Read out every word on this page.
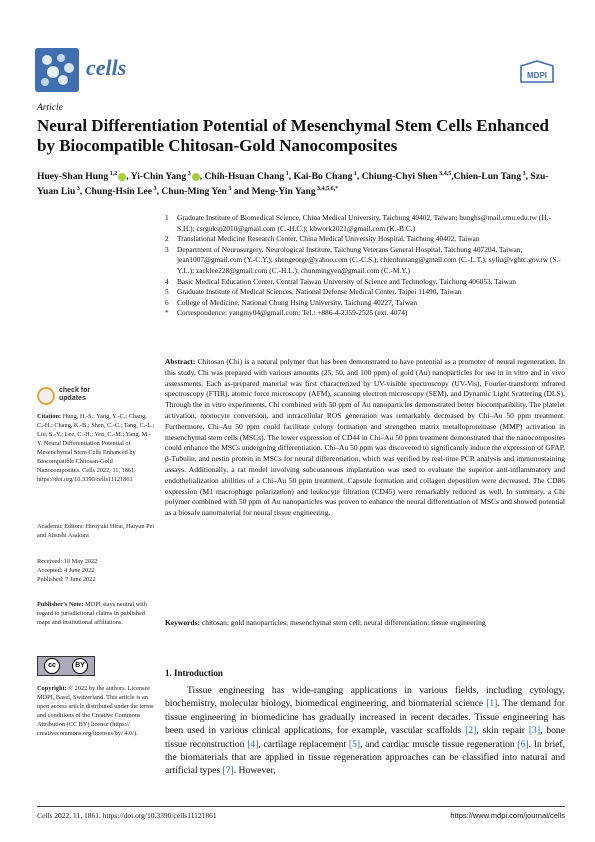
cells	MDPI
Article
Neural Differentiation Potential of Mesenchymal Stem Cells Enhanced by Biocompatible Chitosan-Gold Nanocomposites
Huey-Shan Hung $^{1,2}$ , Yi-Chin Yang $^3$ , Chih-Hsuan Chang $^1$, Kai-Bo Chang $^1$, Chiung-Chyi Shen $^{3,4,5}$,Chien-Lun Tang $^3$, Szu-Yuan Liu $^3$, Chung-Hsin Lee $^3$, Chun-Ming Yen $^3$ and Meng-Yin Yang $^{3,4,5,6,*}$
1	Graduate Institute of Biomedical Science, China Medical University, Taichung 40402, Taiwan; hunghs@mail.cmu.edu.tw (H.-S.H.); csrguksp2010@gmail.com (C.-H.C.); kbwork2021@gmail.com (K.-B.C.)
2	Translational Medicine Research Center, China Medical University Hospital, Taichung 40402, Taiwan
3	Department of Neurosurgery, Neurological Institute, Taichung Veterans General Hospital, Taichung 407204, Taiwan; jean1007@gmail.com (Y.-C.Y.); shengeorge@yahoo.com (C.-C.S.); chienluntang@gmail.com (C.-L.T.); syliu@vghtc.gov.tw (S.-Y.L.); zacklee228@gmail.com (C.-H.L.); chunmingyen@gmail.com (C.-M.Y.)
4	Basic Medical Education Center, Central Taiwan University of Science and Technology, Taichung 406053, Taiwan
5	Graduate Institute of Medical Sciences, National Defense Medical Center, Taipei 11490, Taiwan
6	College of Medicine, National Chung Hsing University, Taichung 40227, Taiwan
*	Correspondence: yangmy04@gmail.com; Tel.: +886-4-2359-2525 (ext. 4074)
check for
updates
Citation: Hung, H.-S.; Yang, Y.-C.; Chang, C.-H.; Chang, K.-B.; Shen, C.-C.; Tang, C.-L.; Liu, S.-Y.; Lee, C.-H.; Yen, C.-M.; Yang, M.-Y. Neural Differentiation Potential of Mesenchymal Stem Cells Enhanced by Biocompatible Chitosan-Gold Nanocomposites. Cells 2022, 11, 1861. https://doi.org/10.3390/cells11121861
Academic Editors: Hiroyuki Hirai, Haiyun Pei and Atsushi Asakura
Received: 10 May 2022
Accepted: 4 June 2022
Published: 7 June 2022
Publisher’s Note: MDPI stays neutral with regard to jurisdictional claims in published maps and institutional affiliations.
cc	BY
Copyright: © 2022 by the authors. Licensee MDPI, Basel, Switzerland. This article is an open access article distributed under the terms and conditions of the Creative Commons Attribution (CC BY) license (https:// creativecommons.org/licenses/by/ 4.0/).
Abstract: Chitosan (Chi) is a natural polymer that has been demonstrated to have potential as a promoter of neural regeneration. In this study, Chi was prepared with various amounts (25, 50, and 100 ppm) of gold (Au) nanoparticles for use in in vitro and in vivo assessments. Each as-prepared material was first characterized by UV-visible spectroscopy (UV-Vis), Fourier-transform infrared spectroscopy (FTIR), atomic force microscopy (AFM), scanning electron microscopy (SEM), and Dynamic Light Scattering (DLS). Through the in vitro experiments, Chi combined with 50 ppm of Au nanoparticles demonstrated better biocompatibility. The platelet activation, monocyte conversion, and intracellular ROS generation was remarkably decreased by Chi–Au 50 ppm treatment. Furthermore, Chi–Au 50 ppm could facilitate colony formation and strengthen matrix metalloproteinase (MMP) activation in mesenchymal stem cells (MSCs). The lower expression of CD44 in Chi–Au 50 ppm treatment demonstrated that the nanocomposites could enhance the MSCs undergoing differentiation. Chi–Au 50 ppm was discovered to significantly induce the expression of GFAP, β-Tubulin, and nestin protein in MSCs for neural differentiation, which was verified by real-time PCR analysis and immunostaining assays. Additionally, a rat model involving subcutaneous implantation was used to evaluate the superior anti-inflammatory and endothelialization abilities of a Chi–Au 50 ppm treatment. Capsule formation and collagen deposition were decreased. The CD86 expression (M1 macrophage polarization) and leukocyte filtration (CD45) were remarkably reduced as well. In summary, a Chi polymer combined with 50 ppm of Au nanoparticles was proven to enhance the neural differentiation of MSCs and showed potential as a biosafe nanomaterial for neural tissue engineering.
Keywords: chitosan; gold nanoparticles; mesenchymal stem cell; neural differentiation; tissue engineering
1. Introduction
Tissue engineering has wide-ranging applications in various fields, including cytology, biochemistry, molecular biology, biomedical engineering, and biomaterial science [1]. The demand for tissue engineering in biomedicine has gradually increased in recent decades. Tissue engineering has been used in various clinical applications, for example, vascular scaffolds [2], skin repair [3], bone tissue reconstruction [4], cartilage replacement [5], and cardiac muscle tissue regeneration [6]. In brief, the biomaterials that are applied in tissue regeneration approaches can be classified into natural and artificial types [7]. However,
Cells 2022, 11, 1861. https://doi.org/10.3390/cells11121861	https://www.mdpi.com/journal/cells
